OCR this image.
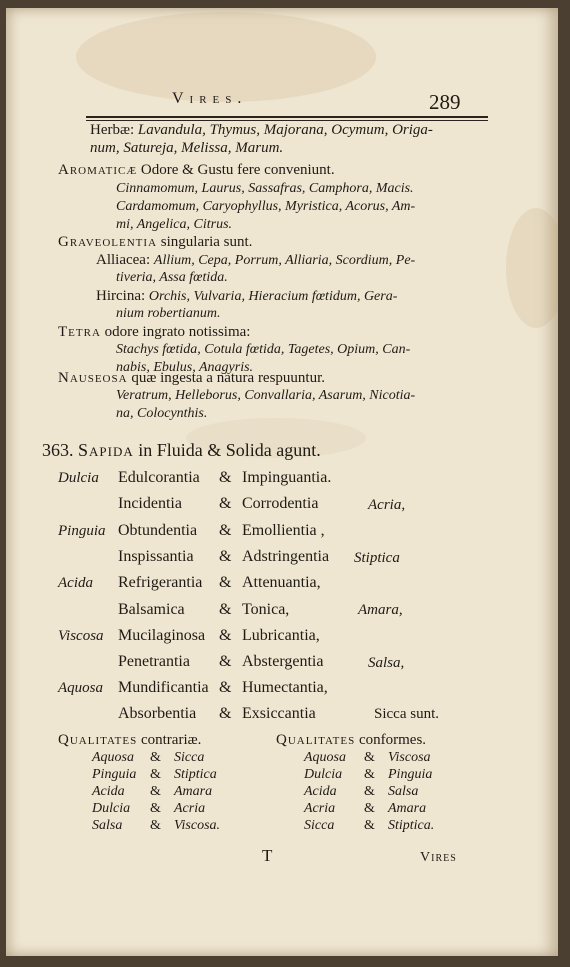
Vires.	289
Herbæ: Lavandula, Thymus, Majorana, Ocymum, Origa-
num, Satureja, Melissa, Marum.
Aromaticæ Odore & Gustu fere conveniunt.
Cinnamomum, Laurus, Sassafras, Camphora, Macis.
Cardamomum, Caryophyllus, Myristica, Acorus, Am-
mi, Angelica, Citrus.
Graveolentia singularia sunt.
Alliacea: Allium, Cepa, Porrum, Alliaria, Scordium, Pe-
tiveria, Assa fœtida.
Hircina: Orchis, Vulvaria, Hieracium fœtidum, Gera-
nium robertianum.
Tetra odore ingrato notissima:
Stachys fœtida, Cotula fœtida, Tagetes, Opium, Can-
nabis, Ebulus, Anagyris.
Nauseosa quæ ingesta a natura respuuntur.
Veratrum, Helleborus, Convallaria, Asarum, Nicotia-
na, Colocynthis.
363. Sapida in Fluida & Solida agunt.
Dulcia Edulcorantia & Impinguantia.
Incidentia & Corrodentia	Acria,
Pinguia Obtundentia & Emollientia ,
Inspissantia & Adstringentia Stiptica
Acida Refrigerantia & Attenuantia,
Balsamica & Tonica,	Amara,
Viscosa Mucilaginosa & Lubricantia,
Penetrantia & Abstergentia	Salsa,
Aquosa Mundificantia & Humectantia,
Absorbentia & Exsiccantia	Sicca sunt.
Qualitates contrariæ.
Aquosa & Sicca
Pinguia & Stiptica
Acida & Amara
Dulcia & Acria
Salsa & Viscosa.
Qualitates conformes.
Aquosa & Viscosa
Dulcia & Pinguia
Acida & Salsa
Acria & Amara
Sicca & Stiptica.
T	Vires
